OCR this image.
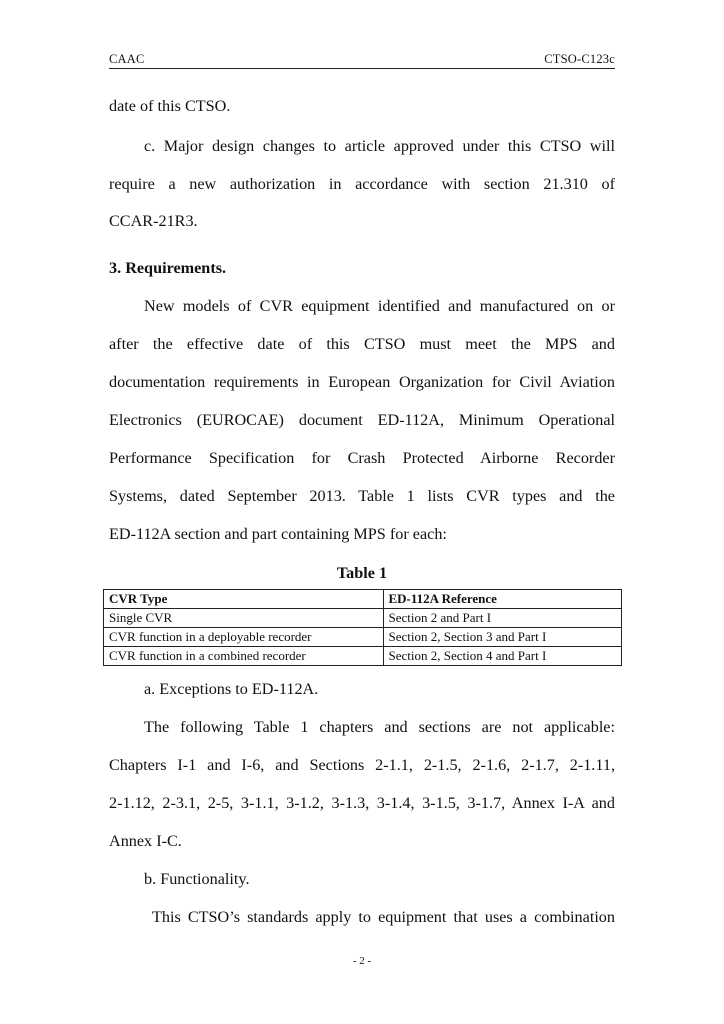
CAAC	CTSO-C123c
date of this CTSO.
c. Major design changes to article approved under this CTSO will
require a new authorization in accordance with section 21.310 of
CCAR-21R3.
3. Requirements.
New models of CVR equipment identified and manufactured on or
after the effective date of this CTSO must meet the MPS and
documentation requirements in European Organization for Civil Aviation
Electronics (EUROCAE) document ED-112A, Minimum Operational
Performance Specification for Crash Protected Airborne Recorder
Systems, dated September 2013. Table 1 lists CVR types and the
ED-112A section and part containing MPS for each:
Table 1
CVR Type	ED-112A Reference
Single CVR	Section 2 and Part I
CVR function in a deployable recorder	Section 2, Section 3 and Part I
CVR function in a combined recorder	Section 2, Section 4 and Part I
a. Exceptions to ED-112A.
The following Table 1 chapters and sections are not applicable:
Chapters I-1 and I-6, and Sections 2-1.1, 2-1.5, 2-1.6, 2-1.7, 2-1.11,
2-1.12, 2-3.1, 2-5, 3-1.1, 3-1.2, 3-1.3, 3-1.4, 3-1.5, 3-1.7, Annex I-A and
Annex I-C.
b. Functionality.
This CTSO’s standards apply to equipment that uses a combination
- 2 -
